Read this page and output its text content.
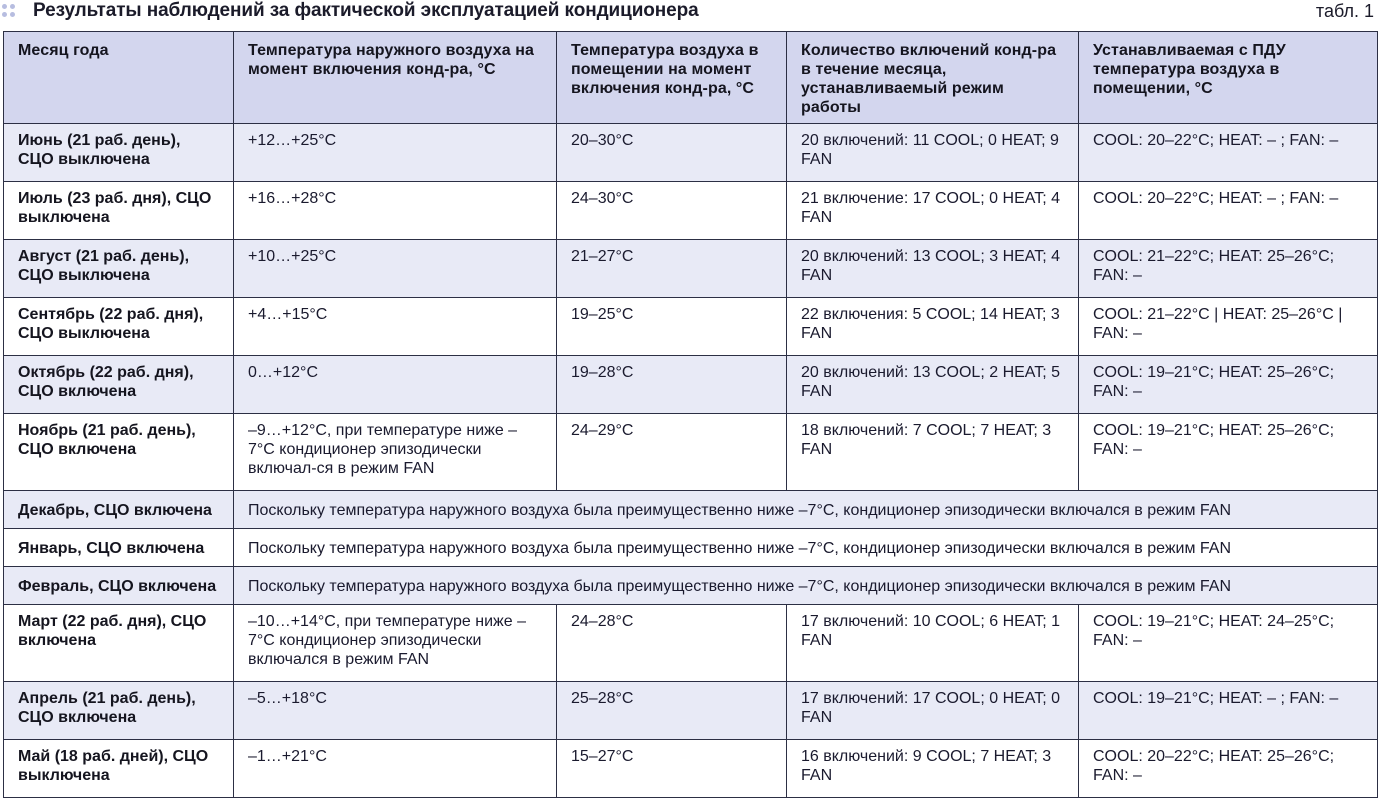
Результаты наблюдений за фактической эксплуатацией кондиционера	табл. 1
Месяц года	Температура наружного воздуха на момент включения конд-ра, °С	Температура воздуха в помещении на момент включения конд-ра, °С	Количество включений конд-ра в течение месяца, устанавливаемый режим работы	Устанавливаемая с ПДУ температура воздуха в помещении, °С
Июнь (21 раб. день), СЦО выключена	+12…+25°С	20–30°С	20 включений: 11 COOL; 0 HEAT; 9 FAN	COOL: 20–22°С; HEAT: – ; FAN: –
Июль (23 раб. дня), СЦО выключена	+16…+28°С	24–30°С	21 включение: 17 COOL; 0 HEAT; 4 FAN	COOL: 20–22°С; HEAT: – ; FAN: –
Август (21 раб. день), СЦО выключена	+10…+25°С	21–27°С	20 включений: 13 COOL; 3 HEAT; 4 FAN	COOL: 21–22°С; HEAT: 25–26°С; FAN: –
Сентябрь (22 раб. дня), СЦО выключена	+4…+15°С	19–25°С	22 включения: 5 COOL; 14 HEAT; 3 FAN	COOL: 21–22°С | HEAT: 25–26°С | FAN: –
Октябрь (22 раб. дня), СЦО включена	0…+12°С	19–28°С	20 включений: 13 COOL; 2 HEAT; 5 FAN	COOL: 19–21°С; HEAT: 25–26°С; FAN: –
Ноябрь (21 раб. день), СЦО включена	–9…+12°С, при температуре ниже –7°С кондиционер эпизодически включал-ся в режим FAN	24–29°С	18 включений: 7 COOL; 7 HEAT; 3 FAN	COOL: 19–21°С; HEAT: 25–26°С; FAN: –
Декабрь, СЦО включена	Поскольку температура наружного воздуха была преимущественно ниже –7°С, кондиционер эпизодически включался в режим FAN			
Январь, СЦО включена	Поскольку температура наружного воздуха была преимущественно ниже –7°С, кондиционер эпизодически включался в режим FAN			
Февраль, СЦО включена	Поскольку температура наружного воздуха была преимущественно ниже –7°С, кондиционер эпизодически включался в режим FAN			
Март (22 раб. дня), СЦО включена	–10…+14°С, при температуре ниже –7°С кондиционер эпизодически включался в режим FAN	24–28°С	17 включений: 10 COOL; 6 HEAT; 1 FAN	COOL: 19–21°С; HEAT: 24–25°С; FAN: –
Апрель (21 раб. день), СЦО включена	–5…+18°С	25–28°С	17 включений: 17 COOL; 0 HEAT; 0 FAN	COOL: 19–21°С; HEAT: – ; FAN: –
Май (18 раб. дней), СЦО выключена	–1…+21°С	15–27°С	16 включений: 9 COOL; 7 HEAT; 3 FAN	COOL: 20–22°С; HEAT: 25–26°С; FAN: –
